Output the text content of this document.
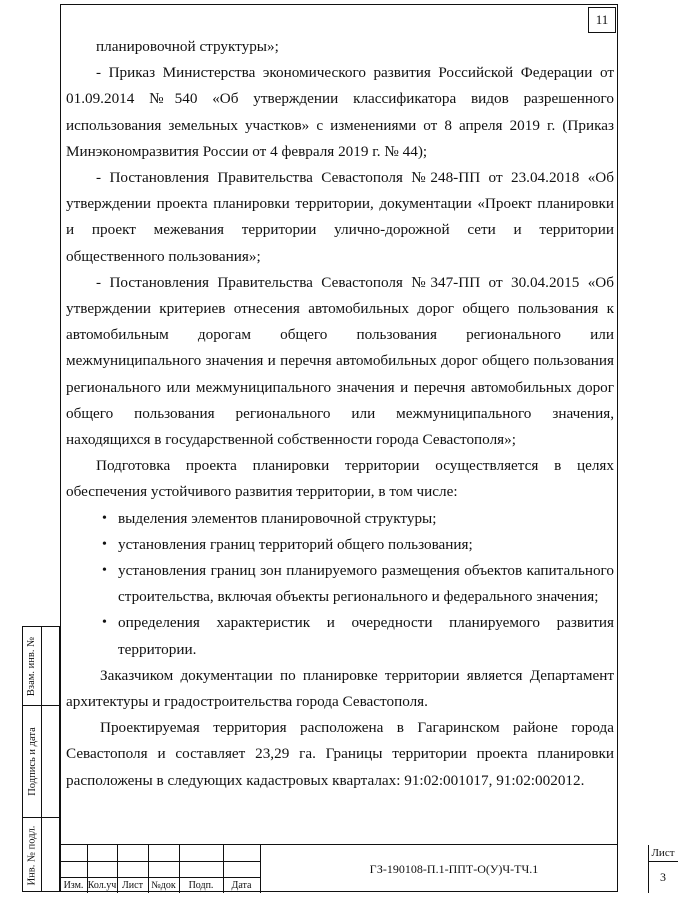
11

планировочной структуры»;

- Приказ Министерства экономического развития Российской Федерации от 01.09.2014 №540 «Об утверждении классификатора видов разрешенного использования земельных участков» с изменениями от 8 апреля 2019 г. (Приказ Минэкономразвития России от 4 февраля 2019 г. № 44);

- Постановления Правительства Севастополя №248-ПП от 23.04.2018 «Об утверждении проекта планировки территории, документации «Проект планировки и проект межевания территории улично-дорожной сети и территории общественного пользования»;

- Постановления Правительства Севастополя №347-ПП от 30.04.2015 «Об утверждении критериев отнесения автомобильных дорог общего пользования к автомобильным дорогам общего пользования регионального или межмуниципального значения и перечня автомобильных дорог общего пользования регионального или межмуниципального значения и перечня автомобильных дорог общего пользования регионального или межмуниципального значения, находящихся в государственной собственности города Севастополя»;

Подготовка проекта планировки территории осуществляется в целях обеспечения устойчивого развития территории, в том числе:

• выделения элементов планировочной структуры;
• установления границ территорий общего пользования;
• установления границ зон планируемого размещения объектов капитального строительства, включая объекты регионального и федерального значения;
• определения характеристик и очередности планируемого развития территории.

Заказчиком документации по планировке территории является Департамент архитектуры и градостроительства города Севастополя.

Проектируемая территория расположена в Гагаринском районе города Севастополя и составляет 23,29 га. Границы территории проекта планировки расположены в следующих кадастровых кварталах: 91:02:001017, 91:02:002012.

Взам. инв. №
Подпись и дата
Инв. № подл.
Изм. Кол.уч Лист №док	Подп.	Дата
ГЗ-190108-П.1-ППТ-О(У)Ч-ТЧ.1
Лист
3
